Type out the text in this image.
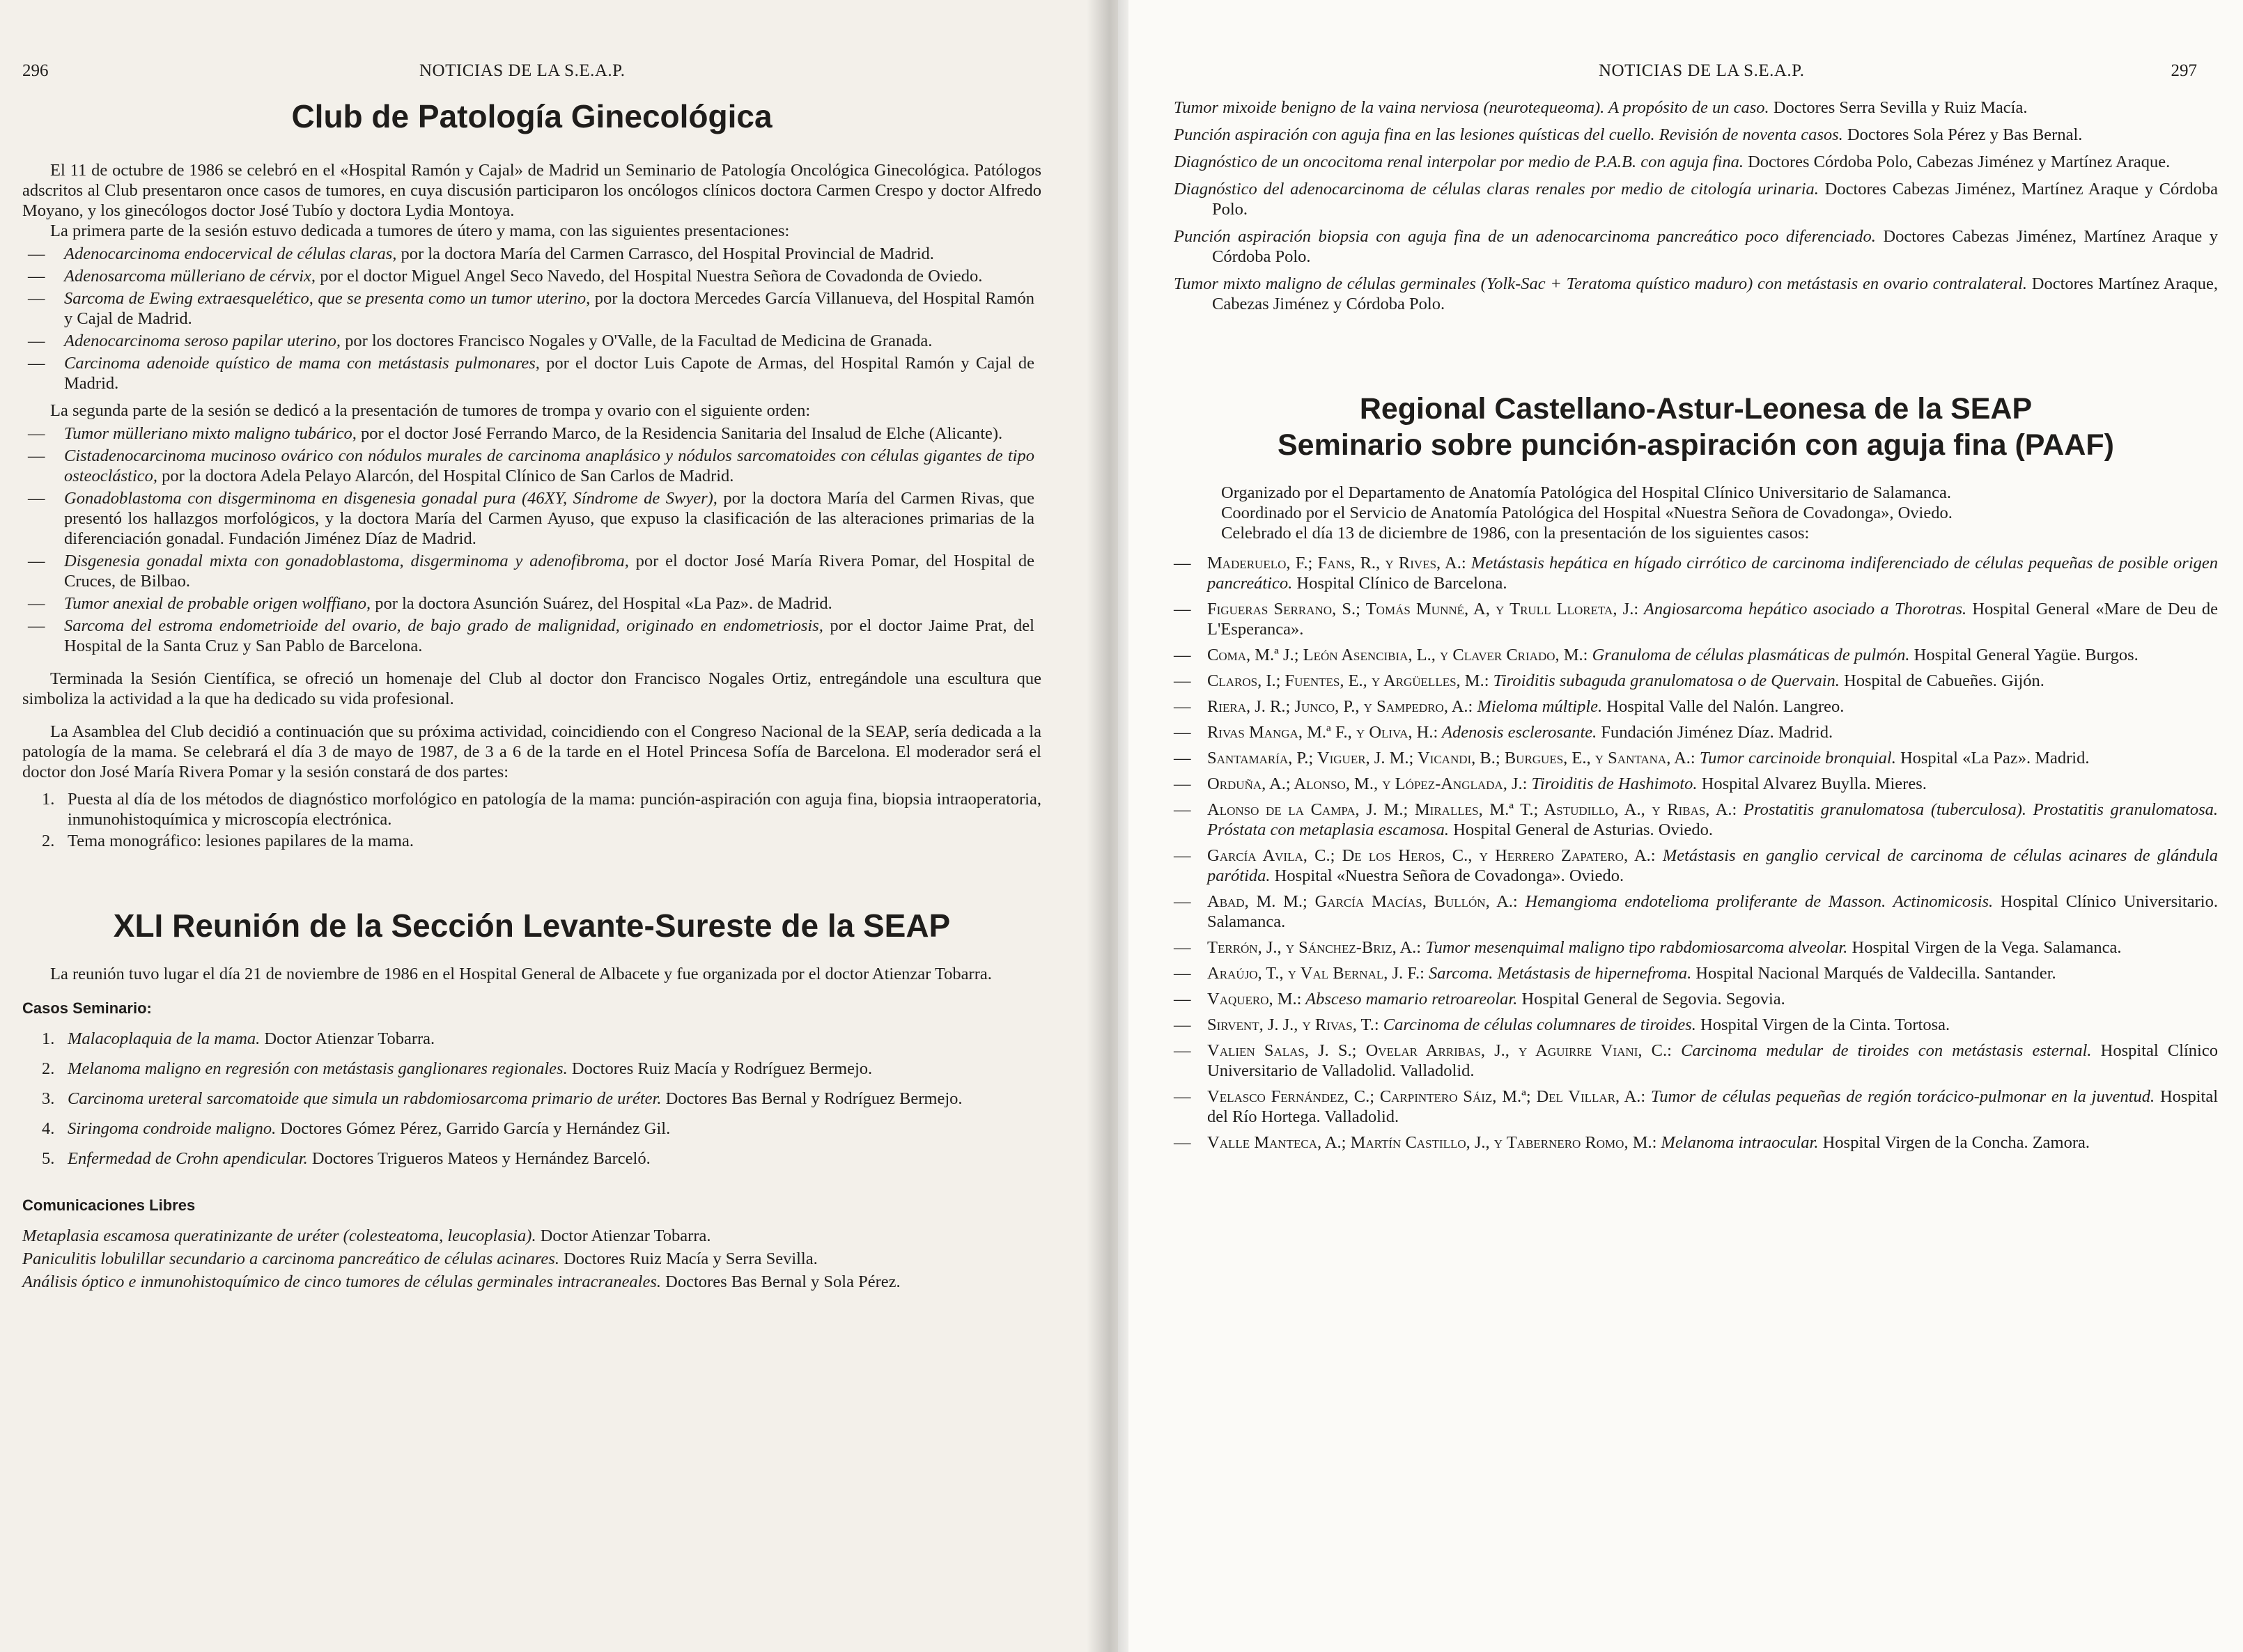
296	NOTICIAS DE LA S.E.A.P.
Club de Patología Ginecológica

El 11 de octubre de 1986 se celebró en el «Hospital Ramón y Cajal» de Madrid un Seminario de Patología Oncológica Ginecológica. Patólogos adscritos al Club presentaron once casos de tumores, en cuya discusión participaron los oncólogos clínicos doctora Carmen Crespo y doctor Alfredo Moyano, y los ginecólogos doctor José Tubío y doctora Lydia Montoya.

La primera parte de la sesión estuvo dedicada a tumores de útero y mama, con las siguientes presentaciones:

— Adenocarcinoma endocervical de células claras, por la doctora María del Carmen Carrasco, del Hospital Provincial de Madrid.
— Adenosarcoma mülleriano de cérvix, por el doctor Miguel Angel Seco Navedo, del Hospital Nuestra Señora de Covadonda de Oviedo.
— Sarcoma de Ewing extraesquelético, que se presenta como un tumor uterino, por la doctora Mercedes García Villanueva, del Hospital Ramón y Cajal de Madrid.
— Adenocarcinoma seroso papilar uterino, por los doctores Francisco Nogales y O'Valle, de la Facultad de Medicina de Granada.
— Carcinoma adenoide quístico de mama con metástasis pulmonares, por el doctor Luis Capote de Armas, del Hospital Ramón y Cajal de Madrid.

La segunda parte de la sesión se dedicó a la presentación de tumores de trompa y ovario con el siguiente orden:

— Tumor mülleriano mixto maligno tubárico, por el doctor José Ferrando Marco, de la Residencia Sanitaria del Insalud de Elche (Alicante).
— Cistadenocarcinoma mucinoso ovárico con nódulos murales de carcinoma anaplásico y nódulos sarcomatoides con células gigantes de tipo osteoclástico, por la doctora Adela Pelayo Alarcón, del Hospital Clínico de San Carlos de Madrid.
— Gonadoblastoma con disgerminoma en disgenesia gonadal pura (46XY, Síndrome de Swyer), por la doctora María del Carmen Rivas, que presentó los hallazgos morfológicos, y la doctora María del Carmen Ayuso, que expuso la clasificación de las alteraciones primarias de la diferenciación gonadal. Fundación Jiménez Díaz de Madrid.
— Disgenesia gonadal mixta con gonadoblastoma, disgerminoma y adenofibroma, por el doctor José María Rivera Pomar, del Hospital de Cruces, de Bilbao.
— Tumor anexial de probable origen wolffiano, por la doctora Asunción Suárez, del Hospital «La Paz». de Madrid.
— Sarcoma del estroma endometrioide del ovario, de bajo grado de malignidad, originado en endometriosis, por el doctor Jaime Prat, del Hospital de la Santa Cruz y San Pablo de Barcelona.

Terminada la Sesión Científica, se ofreció un homenaje del Club al doctor don Francisco Nogales Ortiz, entregándole una escultura que simboliza la actividad a la que ha dedicado su vida profesional.

La Asamblea del Club decidió a continuación que su próxima actividad, coincidiendo con el Congreso Nacional de la SEAP, sería dedicada a la patología de la mama. Se celebrará el día 3 de mayo de 1987, de 3 a 6 de la tarde en el Hotel Princesa Sofía de Barcelona. El moderador será el doctor don José María Rivera Pomar y la sesión constará de dos partes:

1. Puesta al día de los métodos de diagnóstico morfológico en patología de la mama: punción-aspiración con aguja fina, biopsia intraoperatoria, inmunohistoquímica y microscopía electrónica.
2. Tema monográfico: lesiones papilares de la mama.
XLI Reunión de la Sección Levante-Sureste de la SEAP

La reunión tuvo lugar el día 21 de noviembre de 1986 en el Hospital General de Albacete y fue organizada por el doctor Atienzar Tobarra.

Casos Seminario:
1. Malacoplaquia de la mama. Doctor Atienzar Tobarra.
2. Melanoma maligno en regresión con metástasis ganglionares regionales. Doctores Ruiz Macía y Rodríguez Bermejo.
3. Carcinoma ureteral sarcomatoide que simula un rabdomiosarcoma primario de uréter. Doctores Bas Bernal y Rodríguez Bermejo.
4. Siringoma condroide maligno. Doctores Gómez Pérez, Garrido García y Hernández Gil.
5. Enfermedad de Crohn apendicular. Doctores Trigueros Mateos y Hernández Barceló.
Comunicaciones Libres

Metaplasia escamosa queratinizante de uréter (colesteatoma, leucoplasia). Doctor Atienzar Tobarra.

Paniculitis lobulillar secundario a carcinoma pancreático de células acinares. Doctores Ruiz Macía y Serra Sevilla.

Análisis óptico e inmunohistoquímico de cinco tumores de células germinales intracraneales. Doctores Bas Bernal y Sola Pérez.

NOTICIAS DE LA S.E.A.P.	297

Tumor mixoide benigno de la vaina nerviosa (neurotequeoma). A propósito de un caso. Doctores Serra Sevilla y Ruiz Macía.

Punción aspiración con aguja fina en las lesiones quísticas del cuello. Revisión de noventa casos. Doctores Sola Pérez y Bas Bernal.

Diagnóstico de un oncocitoma renal interpolar por medio de P.A.B. con aguja fina. Doctores Córdoba Polo, Cabezas Jiménez y Martínez Araque.

Diagnóstico del adenocarcinoma de células claras renales por medio de citología urinaria. Doctores Cabezas Jiménez, Martínez Araque y Córdoba Polo.

Punción aspiración biopsia con aguja fina de un adenocarcinoma pancreático poco diferenciado. Doctores Cabezas Jiménez, Martínez Araque y Córdoba Polo.

Tumor mixto maligno de células germinales (Yolk-Sac + Teratoma quístico maduro) con metástasis en ovario contralateral. Doctores Martínez Araque, Cabezas Jiménez y Córdoba Polo.

Regional Castellano-Astur-Leonesa de la SEAP
Seminario sobre punción-aspiración con aguja fina (PAAF)

Organizado por el Departamento de Anatomía Patológica del Hospital Clínico Universitario de Salamanca.

Coordinado por el Servicio de Anatomía Patológica del Hospital «Nuestra Señora de Covadonga», Oviedo.

Celebrado el día 13 de diciembre de 1986, con la presentación de los siguientes casos:

— Maderuelo, F.; Fans, R., y Rives, A.: Metástasis hepática en hígado cirrótico de carcinoma indiferenciado de células pequeñas de posible origen pancreático. Hospital Clínico de Barcelona.
— Figueras Serrano, S.; Tomás Munné, A, y Trull Lloreta, J.: Angiosarcoma hepático asociado a Thorotras. Hospital General «Mare de Deu de L'Esperanca».
— Coma, M.ª J.; León Asencibia, L., y Claver Criado, M.: Granuloma de células plasmáticas de pulmón. Hospital General Yagüe. Burgos.
— Claros, I.; Fuentes, E., y Argüelles, M.: Tiroiditis subaguda granulomatosa o de Quervain. Hospital de Cabueñes. Gijón.
— Riera, J. R.; Junco, P., y Sampedro, A.: Mieloma múltiple. Hospital Valle del Nalón. Langreo.
— Rivas Manga, M.ª F., y Oliva, H.: Adenosis esclerosante. Fundación Jiménez Díaz. Madrid.
— Santamaría, P.; Viguer, J. M.; Vicandi, B.; Burgues, E., y Santana, A.: Tumor carcinoide bronquial. Hospital «La Paz». Madrid.
— Orduña, A.; Alonso, M., y López-Anglada, J.: Tiroiditis de Hashimoto. Hospital Alvarez Buylla. Mieres.
— Alonso de la Campa, J. M.; Miralles, M.ª T.; Astudillo, A., y Ribas, A.: Prostatitis granulomatosa (tuberculosa). Prostatitis granulomatosa. Próstata con metaplasia escamosa. Hospital General de Asturias. Oviedo.
— García Avila, C.; De los Heros, C., y Herrero Zapatero, A.: Metástasis en ganglio cervical de carcinoma de células acinares de glándula parótida. Hospital «Nuestra Señora de Covadonga». Oviedo.
— Abad, M. M.; García Macías, Bullón, A.: Hemangioma endotelioma proliferante de Masson. Actinomicosis. Hospital Clínico Universitario. Salamanca.
— Terrón, J., y Sánchez-Briz, A.: Tumor mesenquimal maligno tipo rabdomiosarcoma alveolar. Hospital Virgen de la Vega. Salamanca.
— Araújo, T., y Val Bernal, J. F.: Sarcoma. Metástasis de hipernefroma. Hospital Nacional Marqués de Valdecilla. Santander.
— Vaquero, M.: Absceso mamario retroareolar. Hospital General de Segovia. Segovia.
— Sirvent, J. J., y Rivas, T.: Carcinoma de células columnares de tiroides. Hospital Virgen de la Cinta. Tortosa.
— Valien Salas, J. S.; Ovelar Arribas, J., y Aguirre Viani, C.: Carcinoma medular de tiroides con metástasis esternal. Hospital Clínico Universitario de Valladolid. Valladolid.
— Velasco Fernández, C.; Carpintero Sáiz, M.ª; Del Villar, A.: Tumor de células pequeñas de región torácico-pulmonar en la juventud. Hospital del Río Hortega. Valladolid.
— Valle Manteca, A.; Martín Castillo, J., y Tabernero Romo, M.: Melanoma intraocular. Hospital Virgen de la Concha. Zamora.
